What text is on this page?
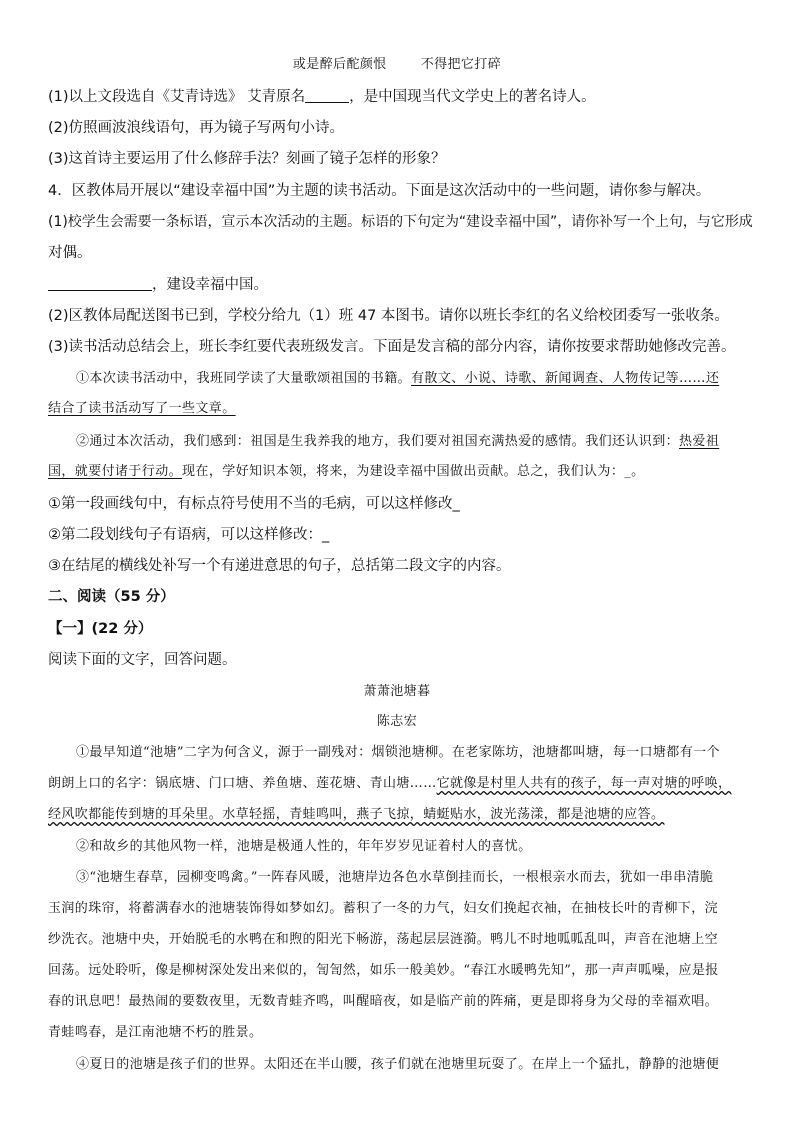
或是醉后酡颜恨	不得把它打碎
(1)以上文段选自《艾青诗选》 艾青原名	，是中国现当代文学史上的著名诗人。
(2)仿照画波浪线语句，再为镜子写两句小诗。
(3)这首诗主要运用了什么修辞手法？刻画了镜子怎样的形象？
4．区教体局开展以“建设幸福中国”为主题的读书活动。下面是这次活动中的一些问题，请你参与解决。
(1)校学生会需要一条标语，宣示本次活动的主题。标语的下句定为“建设幸福中国”，请你补写一个上句，与它形成
对偶。
，建设幸福中国。
(2)区教体局配送图书已到，学校分给九（1）班 47 本图书。请你以班长李红的名义给校团委写一张收条。
(3)读书活动总结会上，班长李红要代表班级发言。下面是发言稿的部分内容，请你按要求帮助她修改完善。
①本次读书活动中，我班同学读了大量歌颂祖国的书籍。有散文、小说、诗歌、新闻调查、人物传记等……还
结合了读书活动写了一些文章。
②通过本次活动，我们感到：祖国是生我养我的地方，我们要对祖国充满热爱的感情。我们还认识到：热爱祖
国，就要付诸于行动。现在，学好知识本领，将来，为建设幸福中国做出贡献。总之，我们认为：_。
①第一段画线句中，有标点符号使用不当的毛病，可以这样修改_
②第二段划线句子有语病，可以这样修改：_
③在结尾的横线处补写一个有递进意思的句子，总括第二段文字的内容。
二、阅读（55 分）
【一】(22 分）
阅读下面的文字，回答问题。
萧萧池塘暮
陈志宏
①最早知道“池塘”二字为何含义，源于一副残对：烟锁池塘柳。在老家陈坊，池塘都叫塘，每一口塘都有一个
朗朗上口的名字：锅底塘、门口塘、养鱼塘、莲花塘、青山塘……它就像是村里人共有的孩子，每一声对塘的呼唤，
经风吹都能传到塘的耳朵里。水草轻摇，青蛙鸣叫，燕子飞掠，蜻蜓贴水，波光荡漾，都是池塘的应答。
②和故乡的其他风物一样，池塘是极通人性的，年年岁岁见证着村人的喜忧。
③“池塘生春草，园柳变鸣禽。”一阵春风暖，池塘岸边各色水草倒挂而长，一根根亲水而去，犹如一串串清脆
玉润的珠帘，将蓄满春水的池塘装饰得如梦如幻。蓄积了一冬的力气，妇女们挽起衣袖，在抽枝长叶的青柳下，浣
纱洗衣。池塘中央，开始脱毛的水鸭在和煦的阳光下畅游，荡起层层涟漪。鸭儿不时地呱呱乱叫，声音在池塘上空
回荡。远处聆听，像是柳树深处发出来似的，訇訇然，如乐一般美妙。“春江水暖鸭先知”，那一声声呱噪，应是报
春的讯息吧！最热闹的要数夜里，无数青蛙齐鸣，叫醒暗夜，如是临产前的阵痛，更是即将身为父母的幸福欢唱。
青蛙鸣春，是江南池塘不朽的胜景。
④夏日的池塘是孩子们的世界。太阳还在半山腰，孩子们就在池塘里玩耍了。在岸上一个猛扎，静静的池塘便
